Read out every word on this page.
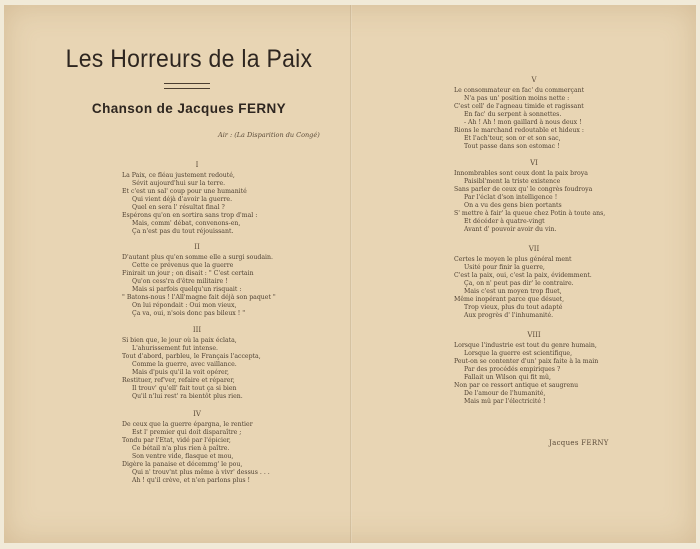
Les Horreurs de la Paix
Chanson de Jacques FERNY
Air : (La Disparition du Congé)
I
La Paix, ce fléau justement redouté,
Sévit aujourd'hui sur la terre.
Et c'est un sal' coup pour une humanité
Qui vient déjà d'avoir la guerre.
Quel en sera l' résultat final ?
Espérons qu'on en sortira sans trop d'mal :
Mais, comm' débat, convenons-en,
Ça n'est pas du tout réjouissant.
II
D'autant plus qu'en somme elle a surgi soudain.
Cette ce prévenus que la guerre
Finirait un jour ; on disait : " C'est certain
Qu'on cess'ra d'être militaire !
Mais si parfois quelqu'un risquait :
" Batons-nous ! l'All'magne fait déjà son paquet "
On lui répondait : Oui mon vieux,
Ça va, oui, n'sois donc pas bileux ! "
III
Si bien que, le jour où la paix éclata,
L'ahurissement fut intense.
Tout d'abord, parbleu, le Français l'accepta,
Comme la guerre, avec vaillance.
Mais d'puis qu'il la voit opérer,
Restituer, ref'ver, refaire et réparer,
Il trouv' qu'ell' fait tout ça si bien
Qu'il n'lui rest' ra bientôt plus rien.
IV
De ceux que la guerre épargna, le rentier
Est l' premier qui doit disparaître ;
Tondu par l'Etat, vidé par l'épicier,
Ce bétail n'a plus rien à paître.
Son ventre vide, flasque et mou,
Digère la panaise et décemmg' le pou,
Qui n' trouv'nt plus même à vivr' dessus . . .
Ah ! qu'il crève, et n'en parlons plus !
V
Le consommateur en fac' du commerçant
N'a pas un' position moins nette :
C'est cell' de l'agneau timide et ragissant
En fac' du serpent à sonnettes.
- Ah ! Ah ! mon gaillard à nous deux !
Rions le marchand redoutable et hideux :
Et l'ach'teur, son or et son sac,
Tout passe dans son estomac !
VI
Innombrables sont ceux dont la paix broya
Paisibl'ment la triste existence
Sans parler de ceux qu' le congrès foudroya
Par l'éclat d'son intelligence !
On a vu des gens bien portants
S' mettre à fair' la queue chez Potin à toute ans,
Et décéder à quatre-vingt
Avant d' pouvoir avoir du vin.
VII
Certes le moyen le plus général ment
Usité pour finir la guerre,
C'est la paix, oui, c'est la paix, évidemment.
Ça, on n' peut pas dir' le contraire.
Mais c'est un moyen trop fluet,
Même inopérant parce que désuet,
Trop vieux, plus du tout adapté
Aux progrès d' l'inhumanité.
VIII
Lorsque l'industrie est tout du genre humain,
Lorsque la guerre est scientifique,
Peut-on se contenter d'un' paix faite à la main
Par des procédés empiriques ?
Fallait un Wilson qui fit mû,
Non par ce ressort antique et saugrenu
De l'amour de l'humanité,
Mais mû par l'électricité !
Jacques FERNY
